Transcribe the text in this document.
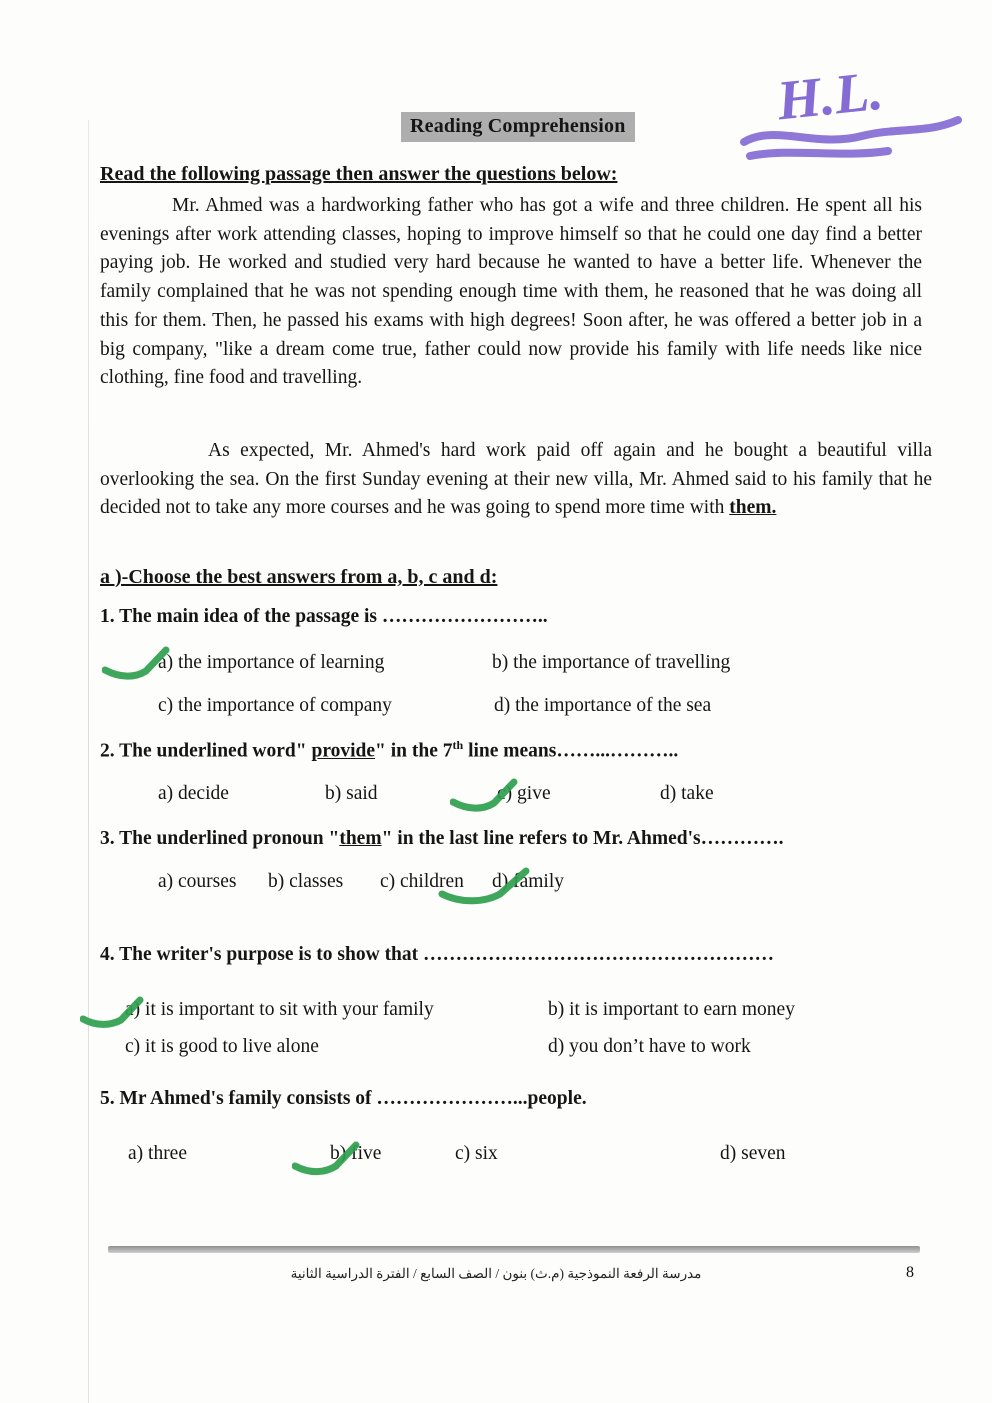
Reading Comprehension	H.L.
Read the following passage then answer the questions below:
Mr. Ahmed was a hardworking father who has got a wife and three children. He spent all his evenings after work attending classes, hoping to improve himself so that he could one day find a better paying job. He worked and studied very hard because he wanted to have a better life. Whenever the family complained that he was not spending enough time with them, he reasoned that he was doing all this for them. Then, he passed his exams with high degrees! Soon after, he was offered a better job in a big company, "like a dream come true, father could now provide his family with life needs like nice clothing, fine food and travelling.
As expected, Mr. Ahmed's hard work paid off again and he bought a beautiful villa overlooking the sea. On the first Sunday evening at their new villa, Mr. Ahmed said to his family that he decided not to take any more courses and he was going to spend more time with them.
a )-Choose the best answers from a, b, c and d:
1. The main idea of the passage is ……………………..
a) the importance of learning	b) the importance of travelling
c) the importance of company	d) the importance of the sea
2. The underlined word" provide" in the 7th line means……...………..
a) decide	b) said	c) give	d) take
3. The underlined pronoun "them" in the last line refers to Mr. Ahmed's………….
a) courses b) classes c) children d) family
4. The writer's purpose is to show that ………………………………………………
a) it is important to sit with your family	b) it is important to earn money
c) it is good to live alone	d) you don’t have to work
5. Mr Ahmed's family consists of …………………...people.
a) three	b) five	c) six	d) seven
مدرسة الرفعة النموذجية (م.ث) بنون / الصف السابع / الفترة الدراسية الثانية	8
